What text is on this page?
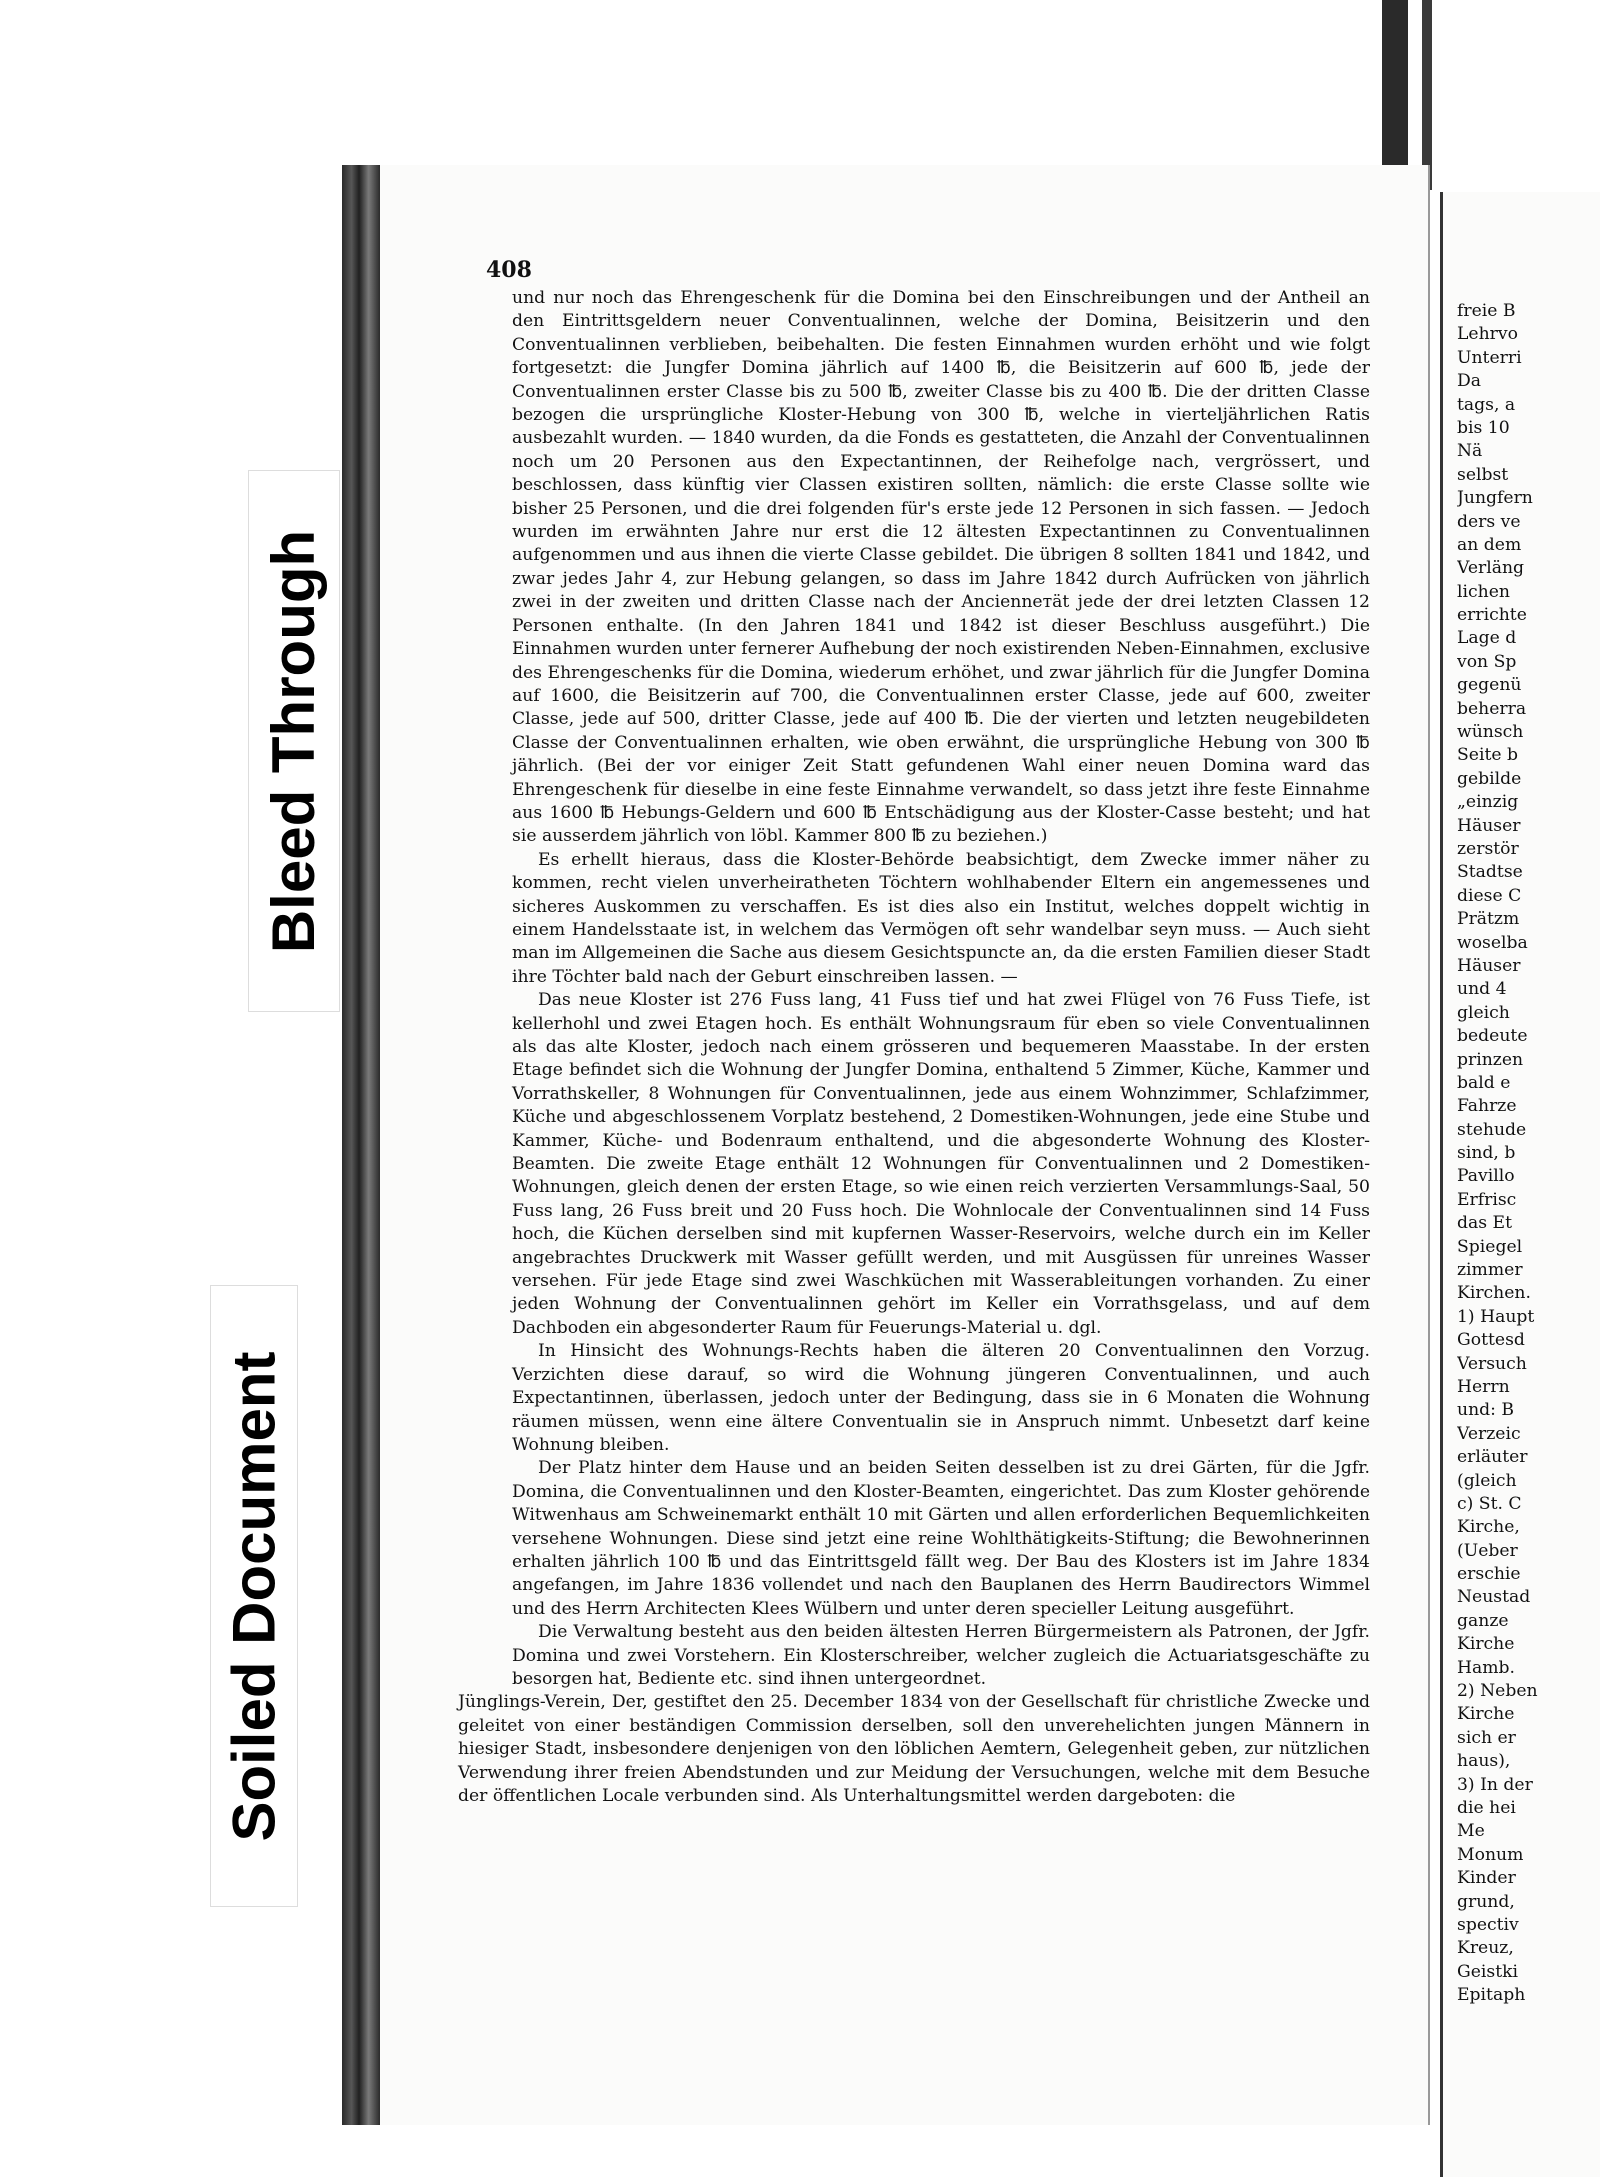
Bleed Through
Soiled Document
408

und nur noch das Ehrengeschenk für die Domina bei den Einschreibungen und der Antheil an den Eintrittsgeldern neuer Conventualinnen, welche der Domina, Beisitzerin und den Conventualinnen verblieben, beibehalten. Die festen Einnahmen wurden erhöht und wie folgt fortgesetzt: die Jungfer Domina jährlich auf 1400 ℔, die Beisitzerin auf 600 ℔, jede der Conventualinnen erster Classe bis zu 500 ℔, zweiter Classe bis zu 400 ℔. Die der dritten Classe bezogen die ursprüngliche Kloster-Hebung von 300 ℔, welche in vierteljährlichen Ratis ausbezahlt wurden. — 1840 wurden, da die Fonds es gestatteten, die Anzahl der Conventualinnen noch um 20 Personen aus den Expectantinnen, der Reihefolge nach, vergrössert, und beschlossen, dass künftig vier Classen existiren sollten, nämlich: die erste Classe sollte wie bisher 25 Personen, und die drei folgenden für's erste jede 12 Personen in sich fassen. — Jedoch wurden im erwähnten Jahre nur erst die 12 ältesten Expectantinnen zu Conventualinnen aufgenommen und aus ihnen die vierte Classe gebildet. Die übrigen 8 sollten 1841 und 1842, und zwar jedes Jahr 4, zur Hebung gelangen, so dass im Jahre 1842 durch Aufrücken von jährlich zwei in der zweiten und dritten Classe nach der Ancienneтät jede der drei letzten Classen 12 Personen enthalte. (In den Jahren 1841 und 1842 ist dieser Beschluss ausgeführt.) Die Einnahmen wurden unter fernerer Aufhebung der noch existirenden Neben-Einnahmen, exclusive des Ehrengeschenks für die Domina, wiederum erhöhet, und zwar jährlich für die Jungfer Domina auf 1600, die Beisitzerin auf 700, die Conventualinnen erster Classe, jede auf 600, zweiter Classe, jede auf 500, dritter Classe, jede auf 400 ℔. Die der vierten und letzten neugebildeten Classe der Conventualinnen erhalten, wie oben erwähnt, die ursprüngliche Hebung von 300 ℔ jährlich. (Bei der vor einiger Zeit Statt gefundenen Wahl einer neuen Domina ward das Ehrengeschenk für dieselbe in eine feste Einnahme verwandelt, so dass jetzt ihre feste Einnahme aus 1600 ℔ Hebungs-Geldern und 600 ℔ Entschädigung aus der Kloster-Casse besteht; und hat sie ausserdem jährlich von löbl. Kammer 800 ℔ zu beziehen.)

Es erhellt hieraus, dass die Kloster-Behörde beabsichtigt, dem Zwecke immer näher zu kommen, recht vielen unverheiratheten Töchtern wohlhabender Eltern ein angemessenes und sicheres Auskommen zu verschaffen. Es ist dies also ein Institut, welches doppelt wichtig in einem Handelsstaate ist, in welchem das Vermögen oft sehr wandelbar seyn muss. — Auch sieht man im Allgemeinen die Sache aus diesem Gesichtspuncte an, da die ersten Familien dieser Stadt ihre Töchter bald nach der Geburt einschreiben lassen. —

Das neue Kloster ist 276 Fuss lang, 41 Fuss tief und hat zwei Flügel von 76 Fuss Tiefe, ist kellerhohl und zwei Etagen hoch. Es enthält Wohnungsraum für eben so viele Conventualinnen als das alte Kloster, jedoch nach einem grösseren und bequemeren Maasstabe. In der ersten Etage befindet sich die Wohnung der Jungfer Domina, enthaltend 5 Zimmer, Küche, Kammer und Vorrathskeller, 8 Wohnungen für Conventualinnen, jede aus einem Wohnzimmer, Schlafzimmer, Küche und abgeschlossenem Vorplatz bestehend, 2 Domestiken-Wohnungen, jede eine Stube und Kammer, Küche- und Bodenraum enthaltend, und die abgesonderte Wohnung des Kloster-Beamten. Die zweite Etage enthält 12 Wohnungen für Conventualinnen und 2 Domestiken-Wohnungen, gleich denen der ersten Etage, so wie einen reich verzierten Versammlungs-Saal, 50 Fuss lang, 26 Fuss breit und 20 Fuss hoch. Die Wohnlocale der Conventualinnen sind 14 Fuss hoch, die Küchen derselben sind mit kupfernen Wasser-Reservoirs, welche durch ein im Keller angebrachtes Druckwerk mit Wasser gefüllt werden, und mit Ausgüssen für unreines Wasser versehen. Für jede Etage sind zwei Waschküchen mit Wasserableitungen vorhanden. Zu einer jeden Wohnung der Conventualinnen gehört im Keller ein Vorrathsgelass, und auf dem Dachboden ein abgesonderter Raum für Feuerungs-Material u. dgl.

In Hinsicht des Wohnungs-Rechts haben die älteren 20 Conventualinnen den Vorzug. Verzichten diese darauf, so wird die Wohnung jüngeren Conventualinnen, und auch Expectantinnen, überlassen, jedoch unter der Bedingung, dass sie in 6 Monaten die Wohnung räumen müssen, wenn eine ältere Conventualin sie in Anspruch nimmt. Unbesetzt darf keine Wohnung bleiben.

Der Platz hinter dem Hause und an beiden Seiten desselben ist zu drei Gärten, für die Jgfr. Domina, die Conventualinnen und den Kloster-Beamten, eingerichtet. Das zum Kloster gehörende Witwenhaus am Schweinemarkt enthält 10 mit Gärten und allen erforderlichen Bequemlichkeiten versehene Wohnungen. Diese sind jetzt eine reine Wohlthätigkeits-Stiftung; die Bewohnerinnen erhalten jährlich 100 ℔ und das Eintrittsgeld fällt weg. Der Bau des Klosters ist im Jahre 1834 angefangen, im Jahre 1836 vollendet und nach den Bauplanen des Herrn Baudirectors Wimmel und des Herrn Architecten Klees Wülbern und unter deren specieller Leitung ausgeführt.

Die Verwaltung besteht aus den beiden ältesten Herren Bürgermeistern als Patronen, der Jgfr. Domina und zwei Vorstehern. Ein Klosterschreiber, welcher zugleich die Actuariatsgeschäfte zu besorgen hat, Bediente etc. sind ihnen untergeordnet.

Jünglings-Verein, Der, gestiftet den 25. December 1834 von der Gesellschaft für christliche Zwecke und geleitet von einer beständigen Commission derselben, soll den unverehelichten jungen Männern in hiesiger Stadt, insbesondere denjenigen von den löblichen Aemtern, Gelegenheit geben, zur nützlichen Verwendung ihrer freien Abendstunden und zur Meidung der Versuchungen, welche mit dem Besuche der öffentlichen Locale verbunden sind. Als Unterhaltungsmittel werden dargeboten: die

freie B
Lehrvo
Unterri
Da
tags, a
bis 10
Nä
selbst
Jungfern
ders ve
an dem
Verläng
lichen
errichte
Lage d
von Sp
gegenü
beherra
wünsch
Seite b
gebilde
„einzig
Häuser
zerstör
Stadtse
diese C
Prätzm
woselba
Häuser
und 4
gleich
bedeute
prinzen
bald e
Fahrze
stehude
sind, b
Pavillo
Erfrisc
das Et
Spiegel
zimmer
Kirchen.
1) Haupt
Gottesd
Versuch
Herrn
und: B
Verzeic
erläuter
(gleich
c) St. C
Kirche,
(Ueber
erschie
Neustad
ganze
Kirche
Hamb.
2) Neben
Kirche
sich er
haus),
3) In der
die hei
Me
Monum
Kinder
grund,
spectiv
Kreuz,
Geistki
Epitaph
